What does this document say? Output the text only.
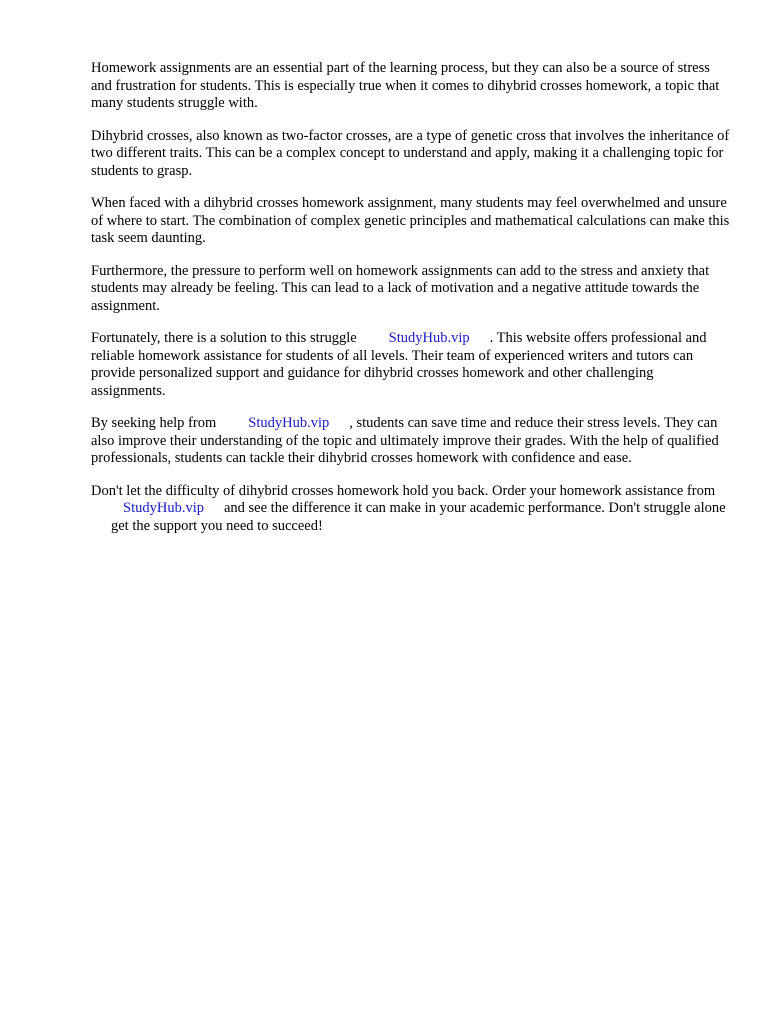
Homework assignments are an essential part of the learning process, but they can also be a source of stress and frustration for students. This is especially true when it comes to dihybrid crosses homework, a topic that many students struggle with.

Dihybrid crosses, also known as two-factor crosses, are a type of genetic cross that involves the inheritance of two different traits. This can be a complex concept to understand and apply, making it a challenging topic for students to grasp.

When faced with a dihybrid crosses homework assignment, many students may feel overwhelmed and unsure of where to start. The combination of complex genetic principles and mathematical calculations can make this task seem daunting.

Furthermore, the pressure to perform well on homework assignments can add to the stress and anxiety that students may already be feeling. This can lead to a lack of motivation and a negative attitude towards the assignment.

Fortunately, there is a solution to this struggle StudyHub.vip . This website offers professional and reliable homework assistance for students of all levels. Their team of experienced writers and tutors can provide personalized support and guidance for dihybrid crosses homework and other challenging assignments.

By seeking help from StudyHub.vip , students can save time and reduce their stress levels. They can also improve their understanding of the topic and ultimately improve their grades. With the help of qualified professionals, students can tackle their dihybrid crosses homework with confidence and ease.

Don't let the difficulty of dihybrid crosses homework hold you back. Order your homework assistance fromStudyHub.vip and see the difference it can make in your academic performance. Don't struggle aloneget the support you need to succeed!
